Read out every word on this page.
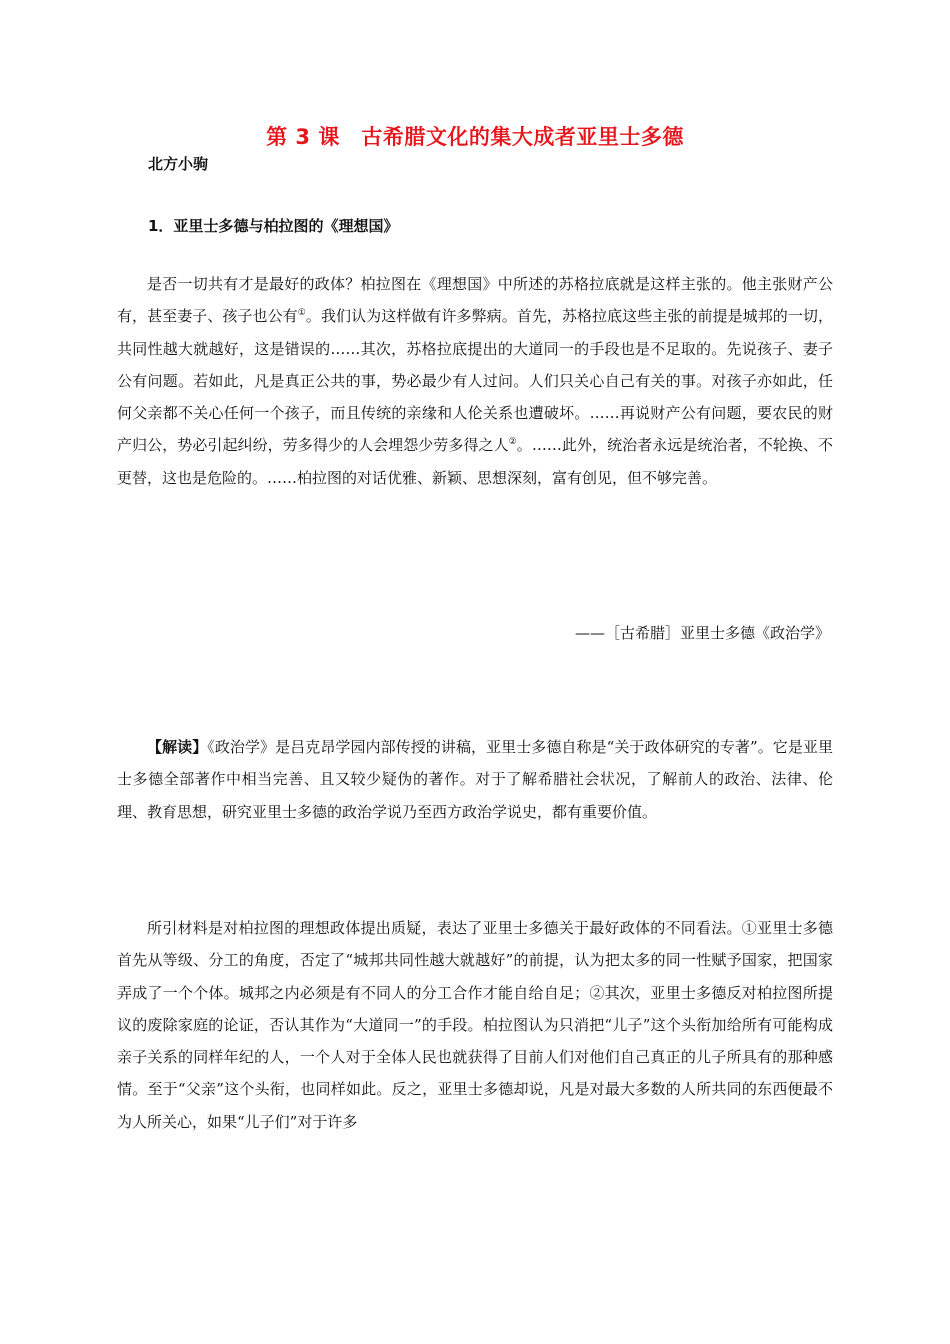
第 3 课　古希腊文化的集大成者亚里士多德
北方小驹
1．亚里士多德与柏拉图的《理想国》

是否一切共有才是最好的政体？柏拉图在《理想国》中所述的苏格拉底就是这样主张的。他主张财产公有，甚至妻子、孩子也公有①。我们认为这样做有许多弊病。首先，苏格拉底这些主张的前提是城邦的一切，共同性越大就越好，这是错误的……其次，苏格拉底提出的大道同一的手段也是不足取的。先说孩子、妻子公有问题。若如此，凡是真正公共的事，势必最少有人过问。人们只关心自己有关的事。对孩子亦如此，任何父亲都不关心任何一个孩子，而且传统的亲缘和人伦关系也遭破坏。……再说财产公有问题，要农民的财产归公，势必引起纠纷，劳多得少的人会埋怨少劳多得之人②。……此外，统治者永远是统治者，不轮换、不更替，这也是危险的。……柏拉图的对话优雅、新颖、思想深刻，富有创见，但不够完善。

——［古希腊］亚里士多德《政治学》

【解读】《政治学》是吕克昂学园内部传授的讲稿，亚里士多德自称是“关于政体研究的专著”。它是亚里士多德全部著作中相当完善、且又较少疑伪的著作。对于了解希腊社会状况，了解前人的政治、法律、伦理、教育思想，研究亚里士多德的政治学说乃至西方政治学说史，都有重要价值。

所引材料是对柏拉图的理想政体提出质疑，表达了亚里士多德关于最好政体的不同看法。①亚里士多德首先从等级、分工的角度，否定了“城邦共同性越大就越好”的前提，认为把太多的同一性赋予国家，把国家弄成了一个个体。城邦之内必须是有不同人的分工合作才能自给自足；②其次，亚里士多德反对柏拉图所提议的废除家庭的论证，否认其作为“大道同一”的手段。柏拉图认为只消把“儿子”这个头衔加给所有可能构成亲子关系的同样年纪的人，一个人对于全体人民也就获得了目前人们对他们自己真正的儿子所具有的那种感情。至于“父亲”这个头衔，也同样如此。反之，亚里士多德却说，凡是对最大多数的人所共同的东西便最不为人所关心，如果“儿子们”对于许多
